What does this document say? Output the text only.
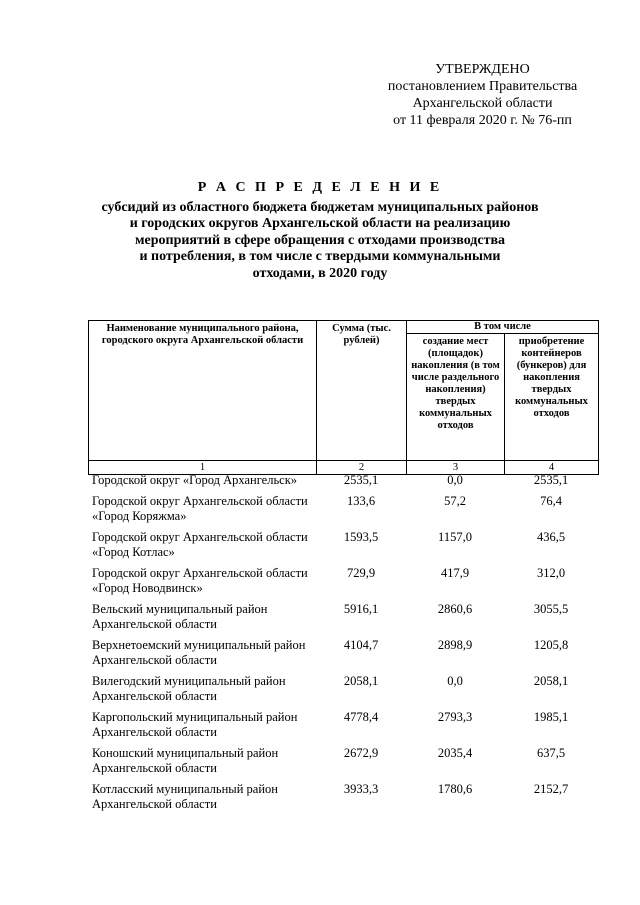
УТВЕРЖДЕНО
постановлением Правительства
Архангельской области
от 11 февраля 2020 г. № 76-пп
Р А С П Р Е Д Е Л Е Н И Е
субсидий из областного бюджета бюджетам муниципальных районов
и городских округов Архангельской области на реализацию
мероприятий в сфере обращения с отходами производства
и потребления, в том числе с твердыми коммунальными
отходами, в 2020 году
Наименование муниципального района, городского округа Архангельской области	Сумма (тыс. рублей)	В том числе	
		создание мест (площадок) накопления (в том числе раздельного накопления) твердых коммунальных отходов	приобретение контейнеров (бункеров) для накопления твердых коммунальных отходов
1	2	3	4
Городской округ «Город Архангельск»	2535,1	0,0	2535,1
Городской округ Архангельской области «Город Коряжма»	133,6	57,2	76,4
Городской округ Архангельской области «Город Котлас»	1593,5	1157,0	436,5
Городской округ Архангельской области «Город Новодвинск»	729,9	417,9	312,0
Вельский муниципальный район Архангельской области	5916,1	2860,6	3055,5
Верхнетоемский муниципальный район Архангельской области	4104,7	2898,9	1205,8
Вилегодский муниципальный район Архангельской области	2058,1	0,0	2058,1
Каргопольский муниципальный район Архангельской области	4778,4	2793,3	1985,1
Коношский муниципальный район Архангельской области	2672,9	2035,4	637,5
Котласский муниципальный район Архангельской области	3933,3	1780,6	2152,7
